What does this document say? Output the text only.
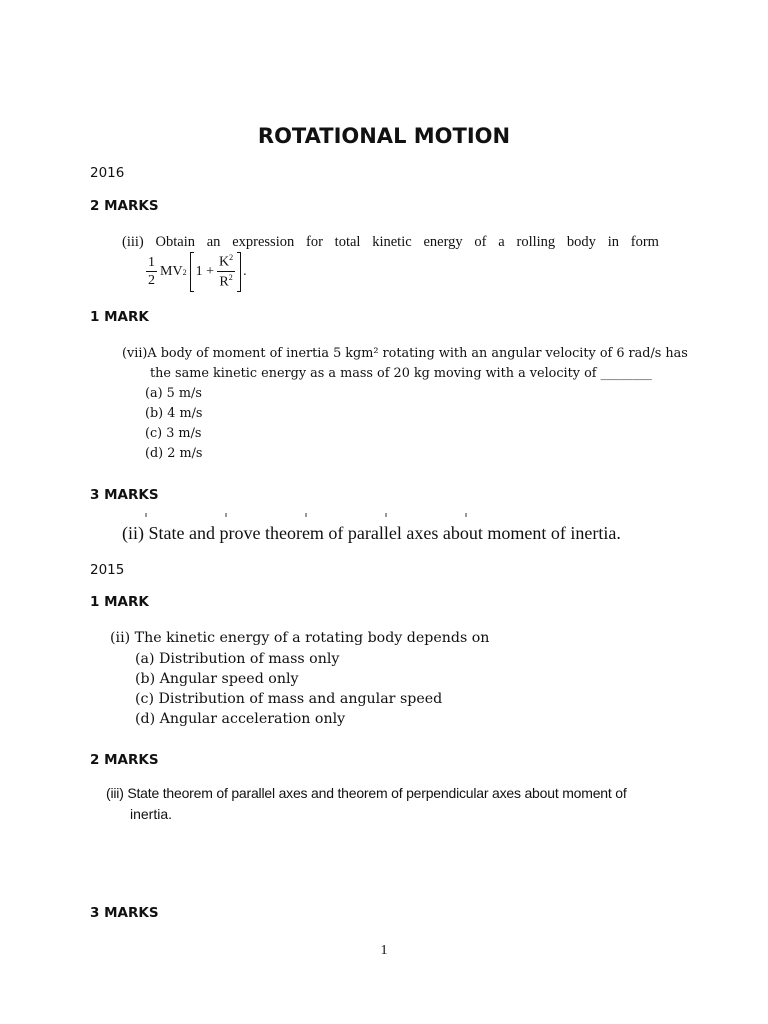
ROTATIONAL MOTION
2016
2 MARKS
(iii) Obtain an expression for total kinetic energy of a rolling body in form
$\frac{1}{2}$ MV 2 $1 + \frac{K^2}{R^2}$ .
1 MARK
(vii)A body of moment of inertia 5 kgm² rotating with an angular velocity of 6 rad/s has
the same kinetic energy as a mass of 20 kg moving with a velocity of ________
(a) 5 m/s
(b) 4 m/s
(c) 3 m/s
(d) 2 m/s
3 MARKS
(ii) State and prove theorem of parallel axes about moment of inertia.
2015
1 MARK
(ii) The kinetic energy of a rotating body depends on
(a) Distribution of mass only
(b) Angular speed only
(c) Distribution of mass and angular speed
(d) Angular acceleration only
2 MARKS
(iii) State theorem of parallel axes and theorem of perpendicular axes about moment of
inertia.
3 MARKS
1
